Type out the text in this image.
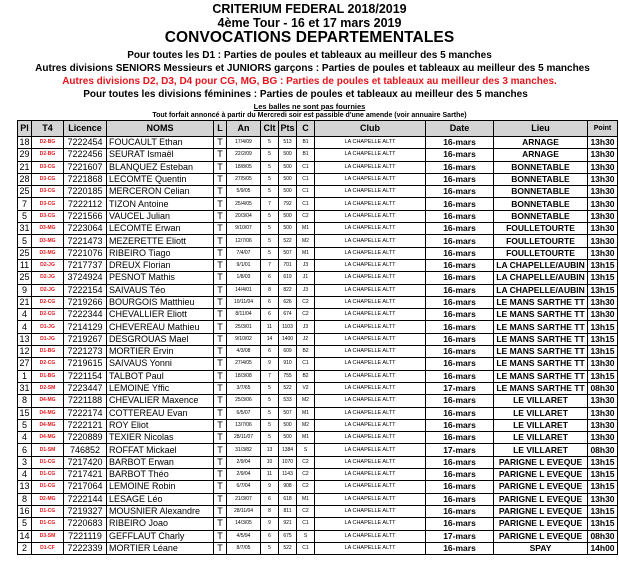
CRITERIUM FEDERAL 2018/2019
4ème Tour - 16 et 17 mars 2019
CONVOCATIONS DEPARTEMENTALES
Pour toutes les D1 : Parties de poules et tableaux au meilleur des 5 manches
Autres divisions SENIORS Messieurs et JUNIORS garçons : Parties de poules et tableaux au meilleur des 5 manches
Autres divisions D2, D3, D4 pour CG, MG, BG : Parties de poules et tableaux au meilleur des 3 manches.
Pour toutes les divisions féminines : Parties de poules et tableaux au meilleur des 5 manches
Les balles ne sont pas fournies
Tout forfait annoncé à partir du Mercredi soir est passible d'une amende (voir annuaire Sarthe)
Pl	T4	Licence	NOMS	L	An	Clt	Pts	C	Club	Date	Lieu	Point
18	D2-BG	7222454	FOUCAULT Ethan	T	17/4/09	5	513	B1	LA CHAPELLE ALTT	16-mars	ARNAGE	13h30
29	D2-BG	7222456	SEURAT Ismaël	T	22/2/09	5	500	B1	LA CHAPELLE ALTT	16-mars	ARNAGE	13h30
21	D3-CG	7221607	BLANQUEZ Esteban	T	18/8/05	5	500	C1	LA CHAPELLE ALTT	16-mars	BONNETABLE	13h30
28	D3-CG	7221868	LECOMTE Quentin	T	27/5/05	5	500	C1	LA CHAPELLE ALTT	16-mars	BONNETABLE	13h30
25	D3-CG	7220185	MERCERON Celian	T	5/9/05	5	500	C1	LA CHAPELLE ALTT	16-mars	BONNETABLE	13h30
7	D3-CG	7222112	TIZON Antoine	T	25/4/05	7	792	C1	LA CHAPELLE ALTT	16-mars	BONNETABLE	13h30
5	D3-CG	7221566	VAUCEL Julian	T	20/3/04	5	500	C2	LA CHAPELLE ALTT	16-mars	BONNETABLE	13h30
31	D3-MG	7223064	LECOMTE Erwan	T	9/10/07	5	500	M1	LA CHAPELLE ALTT	16-mars	FOULLETOURTE	13h30
5	D3-MG	7221473	MEZERETTE Eliott	T	12/7/06	5	522	M2	LA CHAPELLE ALTT	16-mars	FOULLETOURTE	13h30
25	D3-MG	7221076	RIBEIRO Tiago	T	7/4/07	5	507	M1	LA CHAPELLE ALTT	16-mars	FOULLETOURTE	13h30
11	D2-JG	7217737	DREUX Florian	T	9/1/01	7	701	J3	LA CHAPELLE ALTT	16-mars	LA CHAPELLE/AUBIN	13h15
25	D2-JG	3724924	PESNOT Mathis	T	1/8/03	6	619	J1	LA CHAPELLE ALTT	16-mars	LA CHAPELLE/AUBIN	13h15
9	D2-JG	7222154	SAIVAUS Téo	T	14/4/01	8	822	J3	LA CHAPELLE ALTT	16-mars	LA CHAPELLE/AUBIN	13h15
21	D2-CG	7219266	BOURGOIS Matthieu	T	10/11/04	6	626	C2	LA CHAPELLE ALTT	16-mars	LE MANS SARTHE TT	13h30
4	D2-CG	7222344	CHEVALLIER Eliott	T	8/11/04	6	674	C2	LA CHAPELLE ALTT	16-mars	LE MANS SARTHE TT	13h30
4	D1-JG	7214129	CHEVEREAU Mathieu	T	25/3/01	11	1103	J3	LA CHAPELLE ALTT	16-mars	LE MANS SARTHE TT	13h15
13	D1-JG	7219267	DESGROUAS Mael	T	9/10/02	14	1400	J2	LA CHAPELLE ALTT	16-mars	LE MANS SARTHE TT	13h15
12	D1-BG	7221273	MORTIER Ervin	T	4/3/08	6	609	B2	LA CHAPELLE ALTT	16-mars	LE MANS SARTHE TT	13h15
27	D2-CG	7219615	SAIVAUS Yonni	T	27/4/05	9	910	C1	LA CHAPELLE ALTT	16-mars	LE MANS SARTHE TT	13h30
1	D1-BG	7221154	TALBOT Paul	T	18/3/08	7	755	B2	LA CHAPELLE ALTT	16-mars	LE MANS SARTHE TT	13h15
31	D2-SM	7223447	LEMOINE Yffic	T	3/7/65	5	522	V2	LA CHAPELLE ALTT	17-mars	LE MANS SARTHE TT	08h30
8	D4-MG	7221188	CHEVALIER Maxence	T	25/3/06	5	533	M2	LA CHAPELLE ALTT	16-mars	LE VILLARET	13h30
15	D4-MG	7222174	COTTEREAU Evan	T	6/5/07	5	507	M1	LA CHAPELLE ALTT	16-mars	LE VILLARET	13h30
5	D4-MG	7222121	ROY Eliot	T	13/7/06	5	500	M2	LA CHAPELLE ALTT	16-mars	LE VILLARET	13h30
4	D4-MG	7220889	TEXIER Nicolas	T	28/11/07	5	500	M1	LA CHAPELLE ALTT	16-mars	LE VILLARET	13h30
6	D1-SM	746852	ROFFAT Mickael	T	31/3/82	13	1384	S	LA CHAPELLE ALTT	17-mars	LE VILLARET	08h30
3	D1-CG	7217420	BARBOT Erwan	T	2/9/04	10	1070	C2	LA CHAPELLE ALTT	16-mars	PARIGNE L EVEQUE	13h15
4	D1-CG	7217421	BARBOT Théo	T	2/9/04	11	1143	C2	LA CHAPELLE ALTT	16-mars	PARIGNE L EVEQUE	13h15
13	D1-CG	7217064	LEMOINE Robin	T	6/7/04	9	908	C2	LA CHAPELLE ALTT	16-mars	PARIGNE L EVEQUE	13h15
8	D2-MG	7222144	LESAGE Léo	T	21/3/07	6	618	M1	LA CHAPELLE ALTT	16-mars	PARIGNE L EVEQUE	13h30
16	D1-CG	7219327	MOUSNIER Alexandre	T	28/11/04	8	811	C2	LA CHAPELLE ALTT	16-mars	PARIGNE L EVEQUE	13h15
5	D1-CG	7220683	RIBEIRO Joao	T	14/3/05	9	921	C1	LA CHAPELLE ALTT	16-mars	PARIGNE L EVEQUE	13h15
14	D3-SM	7221119	GEFFLAUT Charly	T	4/5/94	6	675	S	LA CHAPELLE ALTT	17-mars	PARIGNE L EVEQUE	08h30
2	D1-CF	7222339	MORTIER Léane	T	8/7/05	5	522	C1	LA CHAPELLE ALTT	16-mars	SPAY	14h00
